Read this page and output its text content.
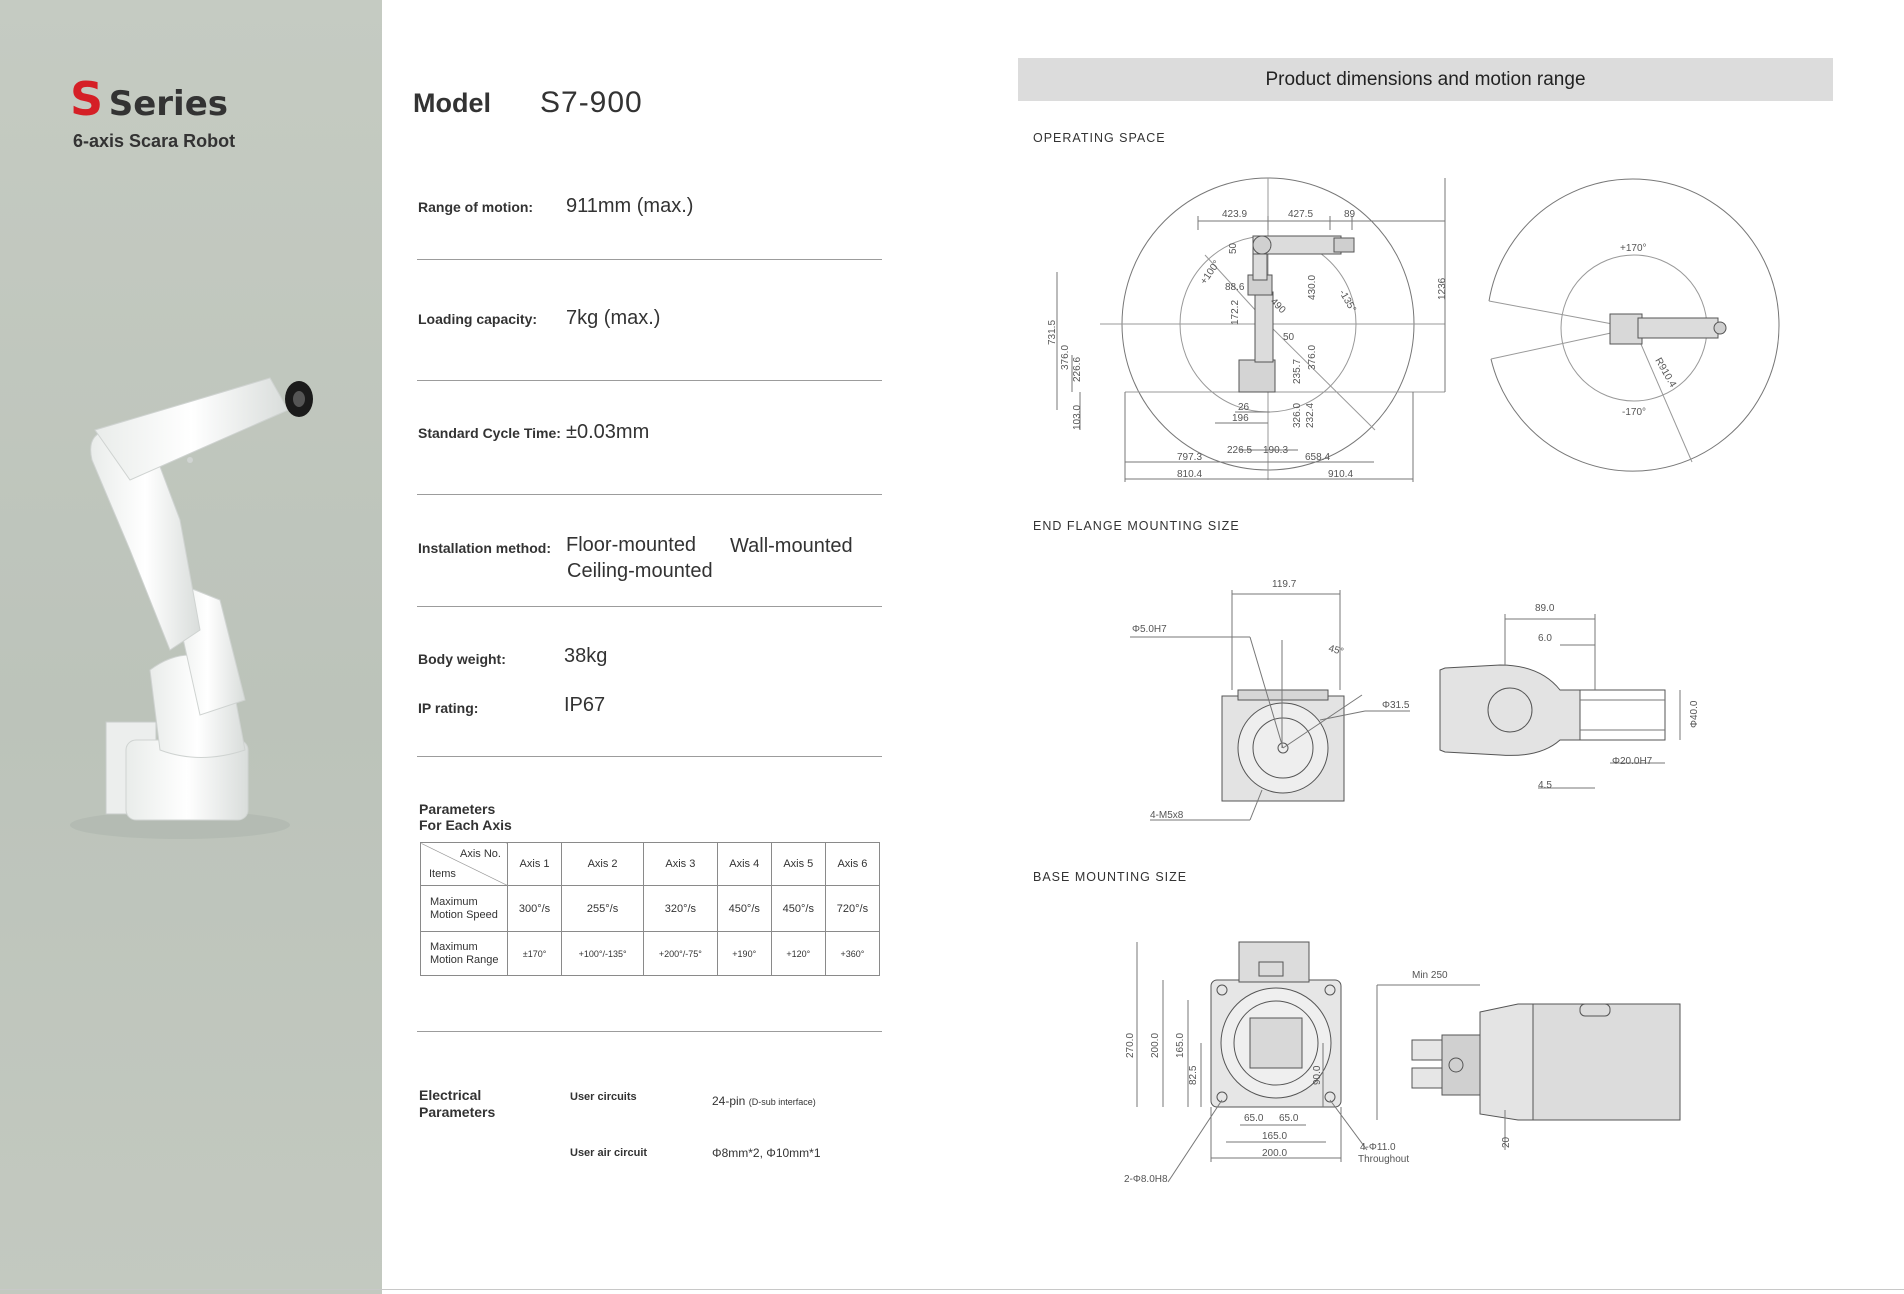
S Series
6-axis Scara Robot
Model S7-900
Range of motion: 911mm (max.)
Loading capacity: 7kg (max.)
Standard Cycle Time: ±0.03mm
Installation method: Floor-mounted Wall-mounted
Ceiling-mounted
Body weight:	38kg
IP rating:	IP67
Parameters
For Each Axis
Axis No.
Items	Axis 1	Axis 2	Axis 3	Axis 4	Axis 5	Axis 6

Maximum
Motion Speed	300°/s	255°/s	320°/s	450°/s	450°/s	720°/s

Maximum
Motion Range	±170°	+100°/-135°	+200°/-75°	+190°	+120°	+360°
Electrical
Parameters
User circuits	24-pin (D-sub interface)
User air circuit	Φ8mm*2, Φ10mm*1
Product dimensions and motion range
OPERATING SPACE
END FLANGE MOUNTING SIZE
BASE MOUNTING SIZE
423.9	427.5	89
50
+100°
88.6
172.2	490
430.0
-135°
50
1236
731.5
376.0 226.6	376.0
235.7
26
196	326.0 232.4
103.0
797.3
226.5 190.3
658.4
810.4	910.4
+170°
-170°
R910.4
119.7
Φ5.0H7
45°
Φ31.5
4-M5x8
89.0
6.0
Φ40.0
Φ20.0H7
4.5
270.0 200.0 165.0
82.5	90.0
65.0 65.0
165.0
200.0
2-Φ8.0H8
4-Φ11.0
Throughout
Min 250
20
